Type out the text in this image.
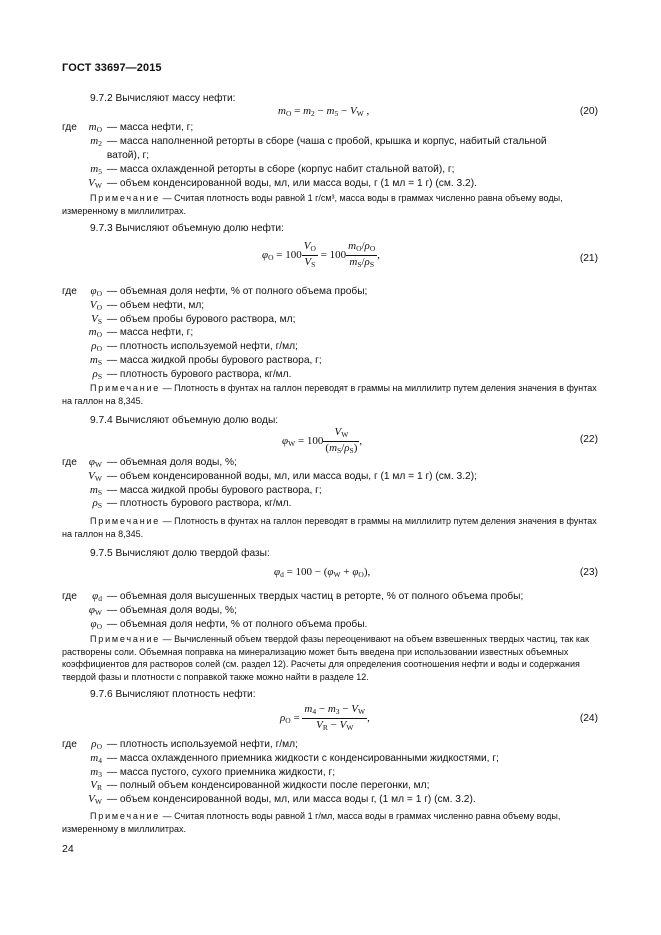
ГОСТ 33697—2015
9.7.2 Вычисляют массу нефти:
$m_O = m_2 - m_5 - V_W$ ,	(20)
где $m_O$ — масса нефти, г;
$m_2$ — масса наполненной реторты в сборе (чаша с пробой, крышка и корпус, набитый стальной
ватой), г;
$m_5$ — масса охлажденной реторты в сборе (корпус набит стальной ватой), г;
$V_W$ — объем конденсированной воды, мл, или масса воды, г (1 мл = 1 г) (см. 3.2).
Примечание — Считая плотность воды равной 1 г/см³, масса воды в граммах численно равна объему воды, измеренному в миллилитрах.
9.7.3 Вычисляют объемную долю нефти:
$\varphi_O = 100 \frac{V_O}{V_S} = 100 \frac{m_O/\rho_O}{m_S/\rho_S}$ ,	(21)
где $\varphi_O$ — объемная доля нефти, % от полного объема пробы;
$V_O$ — объем нефти, мл;
$V_S$ — объем пробы бурового раствора, мл;
$m_O$ — масса нефти, г;
$\rho_O$ — плотность используемой нефти, г/мл;
$m_S$ — масса жидкой пробы бурового раствора, г;
$\rho_S$ — плотность бурового раствора, кг/мл.
Примечание — Плотность в фунтах на галлон переводят в граммы на миллилитр путем деления значения в фунтах на галлон на 8,345.
9.7.4 Вычисляют объемную долю воды:
$\varphi_W = 100 \frac{V_W}{(m_S/\rho_S)}$ ,	(22)
где $\varphi_W$ — объемная доля воды, %;
$V_W$ — объем конденсированной воды, мл, или масса воды, г (1 мл = 1 г) (см. 3.2);
$m_S$ — масса жидкой пробы бурового раствора, г;
$\rho_S$ — плотность бурового раствора, кг/мл.
Примечание — Плотность в фунтах на галлон переводят в граммы на миллилитр путем деления значения в фунтах на галлон на 8,345.
9.7.5 Вычисляют долю твердой фазы:
$\varphi_d = 100 - (\varphi_W + \varphi_O)$,	(23)
где $\varphi_d$ — объемная доля высушенных твердых частиц в реторте, % от полного объема пробы;
$\varphi_W$ — объемная доля воды, %;
$\varphi_O$ — объемная доля нефти, % от полного объема пробы.
Примечание — Вычисленный объем твердой фазы переоценивают на объем взвешенных твердых частиц, так как растворены соли. Объемная поправка на минерализацию может быть введена при использовании известных объемных коэффициентов для растворов солей (см. раздел 12). Расчеты для определения соотношения нефти и воды и содержания твердой фазы и плотности с поправкой также можно найти в разделе 12.
9.7.6 Вычисляют плотность нефти:
$\rho_O = \frac{m_4 - m_3 - V_W}{V_R - V_W}$ ,	(24)
где $\rho_O$ — плотность используемой нефти, г/мл;
$m_4$ — масса охлажденного приемника жидкости с конденсированными жидкостями, г;
$m_3$ — масса пустого, сухого приемника жидкости, г;
$V_R$ — полный объем конденсированной жидкости после перегонки, мл;
$V_W$ — объем конденсированной воды, мл, или масса воды г, (1 мл = 1 г) (см. 3.2).
Примечание — Считая плотность воды равной 1 г/мл, масса воды в граммах численно равна объему воды, измеренному в миллилитрах.
24
